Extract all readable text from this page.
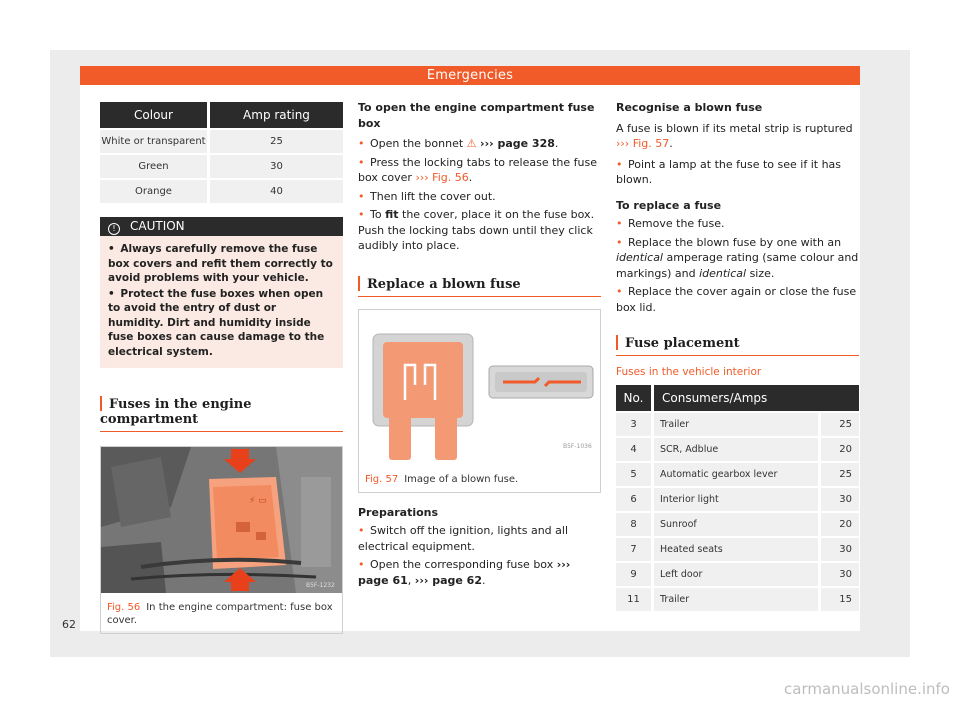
Emergencies
Colour	Amp rating
White or transparent	25
Green	30
Orange	40
! CAUTION

• Always carefully remove the fuse box covers and refit them correctly to avoid problems with your vehicle.

• Protect the fuse boxes when open to avoid the entry of dust or humidity. Dirt and humidity inside fuse boxes can cause damage to the electrical system.

Fuses in the engine compartment
⚡ ▭
B5F-1232
Fig. 56 In the engine compartment: fuse box cover.

To open the engine compartment fuse box

• Open the bonnet ⚠ ››› page 328.

• Press the locking tabs to release the fuse box cover ››› Fig. 56.

• Then lift the cover out.

• To fit the cover, place it on the fuse box. Push the locking tabs down until they click audibly into place.

Replace a blown fuse
B5F-1036
Fig. 57 Image of a blown fuse.

Preparations

• Switch off the ignition, lights and all electrical equipment.

• Open the corresponding fuse box ››› page 61, ››› page 62.

Recognise a blown fuse

A fuse is blown if its metal strip is ruptured ››› Fig. 57.

• Point a lamp at the fuse to see if it has blown.

To replace a fuse

• Remove the fuse.

• Replace the blown fuse by one with an identical amperage rating (same colour and markings) and identical size.

• Replace the cover again or close the fuse box lid.

Fuse placement
Fuses in the vehicle interior
No.	Consumers/Amps	
3	Trailer	25
4	SCR, Adblue	20
5	Automatic gearbox lever	25
6	Interior light	30
8	Sunroof	20
7	Heated seats	30
9	Left door	30
11	Trailer	15
62
carmanualsonline.info
